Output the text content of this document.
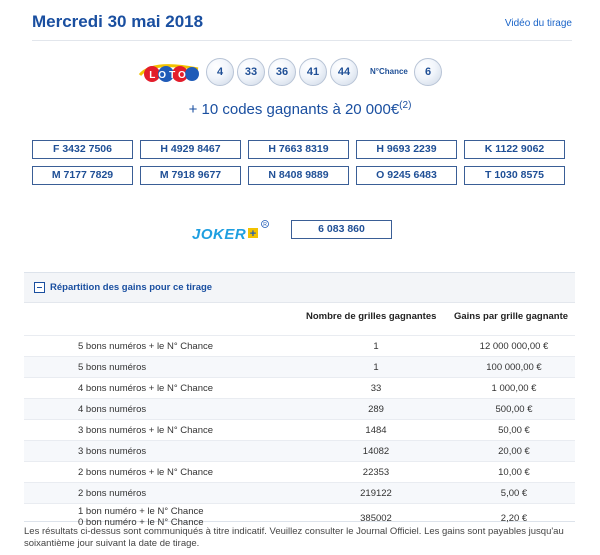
Mercredi 30 mai 2018	Vidéo du tirage
LOTO	4	33	36	41	44	N°Chance	6
+ 10 codes gagnants à 20 000€$^{(2)}$
F 3432 7506	H 4929 8467	H 7663 8319	H 9693 2239	K 1122 9062
M 7177 7829	M 7918 9677	N 8408 9889	O 9245 6483	T 1030 8575
JOKER +
R	6 083 860
Répartition des gains pour ce tirage
Nombre de grilles gagnantes Gains par grille gagnante
5 bons numéros + le N° Chance	1	12 000 000,00 €
5 bons numéros	1	100 000,00 €
4 bons numéros + le N° Chance	33	1 000,00 €
4 bons numéros	289	500,00 €
3 bons numéros + le N° Chance	1484	50,00 €
3 bons numéros	14082	20,00 €
2 bons numéros + le N° Chance	22353	10,00 €
2 bons numéros	219122	5,00 €
1 bon numéro + le N° Chance
0 bon numéro + le N° Chance	385002	2,20 €
Les résultats ci-dessus sont communiqués à titre indicatif. Veuillez consulter le Journal Officiel. Les gains sont payables jusqu'au soixantième jour suivant la date de tirage.
